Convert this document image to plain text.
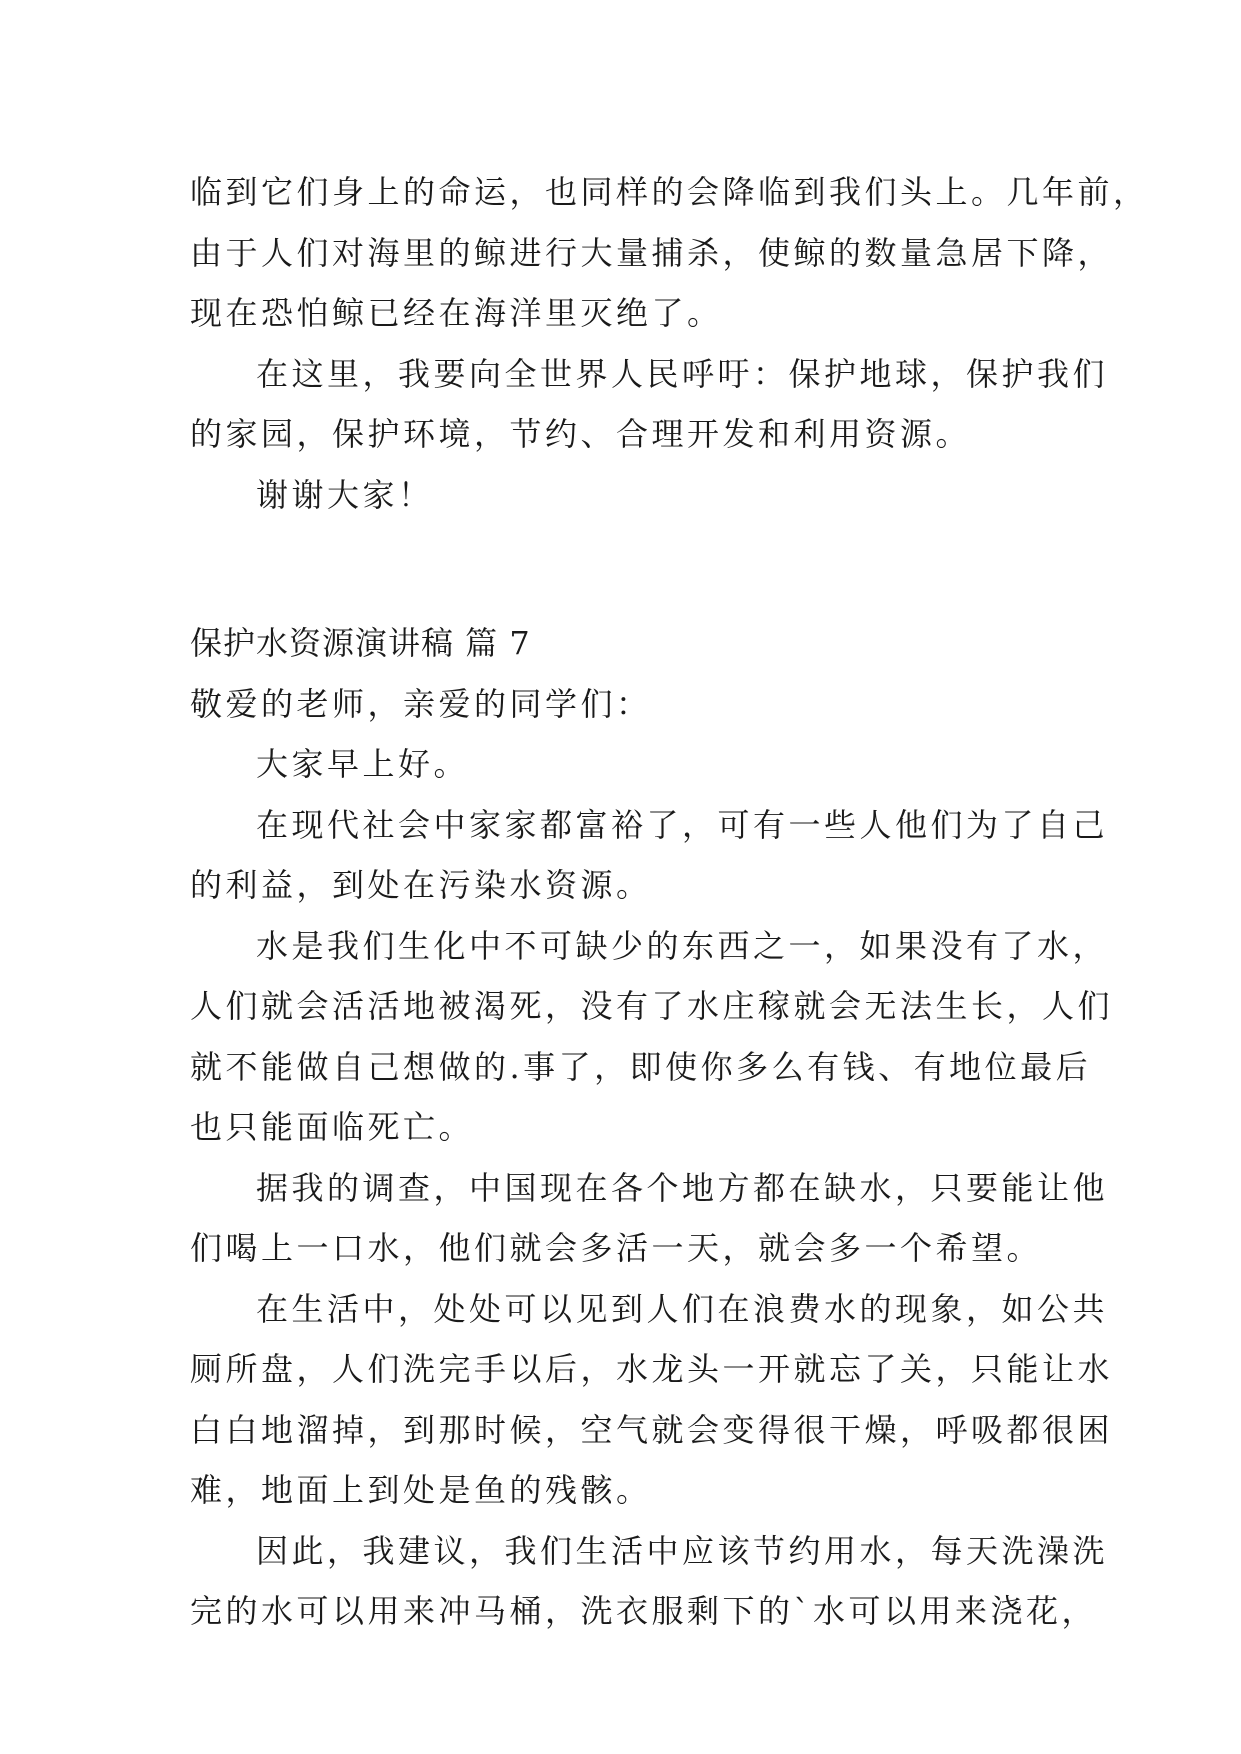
临到它们身上的命运，也同样的会降临到我们头上。几年前，
由于人们对海里的鲸进行大量捕杀，使鲸的数量急居下降，
现在恐怕鲸已经在海洋里灭绝了。
在这里，我要向全世界人民呼吁：保护地球，保护我们
的家园，保护环境，节约、合理开发和利用资源。
谢谢大家！
保护水资源演讲稿 篇 7
敬爱的老师，亲爱的同学们：
大家早上好。
在现代社会中家家都富裕了，可有一些人他们为了自己
的利益，到处在污染水资源。
水是我们生化中不可缺少的东西之一，如果没有了水，
人们就会活活地被渴死，没有了水庄稼就会无法生长，人们
就不能做自己想做的.事了，即使你多么有钱、有地位最后
也只能面临死亡。
据我的调查，中国现在各个地方都在缺水，只要能让他
们喝上一口水，他们就会多活一天，就会多一个希望。
在生活中，处处可以见到人们在浪费水的现象，如公共
厕所盘，人们洗完手以后，水龙头一开就忘了关，只能让水
白白地溜掉，到那时候，空气就会变得很干燥，呼吸都很困
难，地面上到处是鱼的残骸。
因此，我建议，我们生活中应该节约用水，每天洗澡洗
完的水可以用来冲马桶，洗衣服剩下的`水可以用来浇花，
